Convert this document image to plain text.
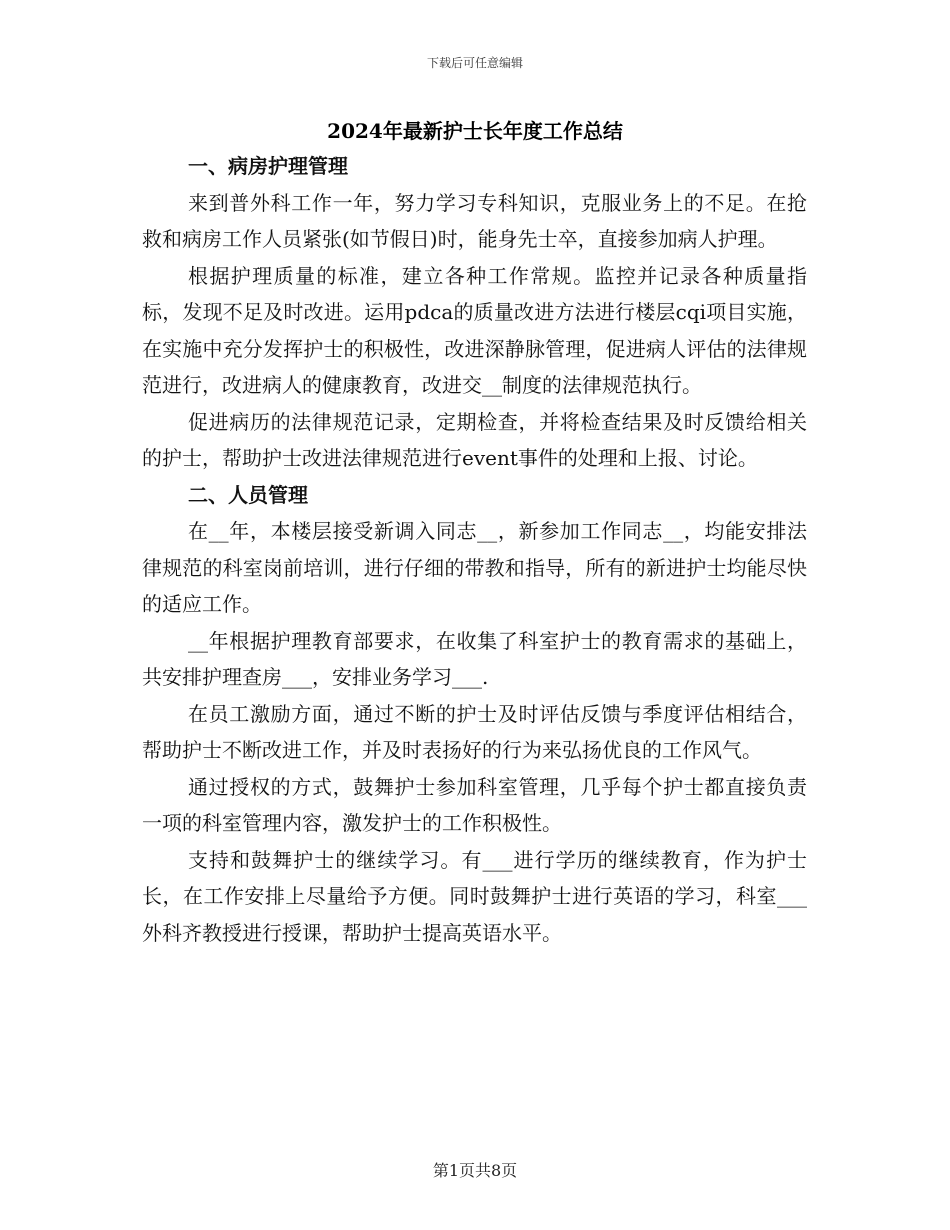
下载后可任意编辑
2024年最新护士长年度工作总结

一、病房护理管理

来到普外科工作一年，努力学习专科知识，克服业务上的不足。在抢救和病房工作人员紧张(如节假日)时，能身先士卒，直接参加病人护理。

根据护理质量的标准，建立各种工作常规。监控并记录各种质量指标，发现不足及时改进。运用pdca的质量改进方法进行楼层cqi项目实施，在实施中充分发挥护士的积极性，改进深静脉管理，促进病人评估的法律规范进行，改进病人的健康教育，改进交__制度的法律规范执行。

促进病历的法律规范记录，定期检查，并将检查结果及时反馈给相关的护士，帮助护士改进法律规范进行event事件的处理和上报、讨论。

二、人员管理

在__年，本楼层接受新调入同志__，新参加工作同志__，均能安排法律规范的科室岗前培训，进行仔细的带教和指导，所有的新进护士均能尽快的适应工作。

__年根据护理教育部要求，在收集了科室护士的教育需求的基础上，共安排护理查房___，安排业务学习___.

在员工激励方面，通过不断的护士及时评估反馈与季度评估相结合，帮助护士不断改进工作，并及时表扬好的行为来弘扬优良的工作风气。

通过授权的方式，鼓舞护士参加科室管理，几乎每个护士都直接负责一项的科室管理内容，激发护士的工作积极性。

支持和鼓舞护士的继续学习。有___进行学历的继续教育，作为护士长，在工作安排上尽量给予方便。同时鼓舞护士进行英语的学习，科室___外科齐教授进行授课，帮助护士提高英语水平。

第1页共8页
